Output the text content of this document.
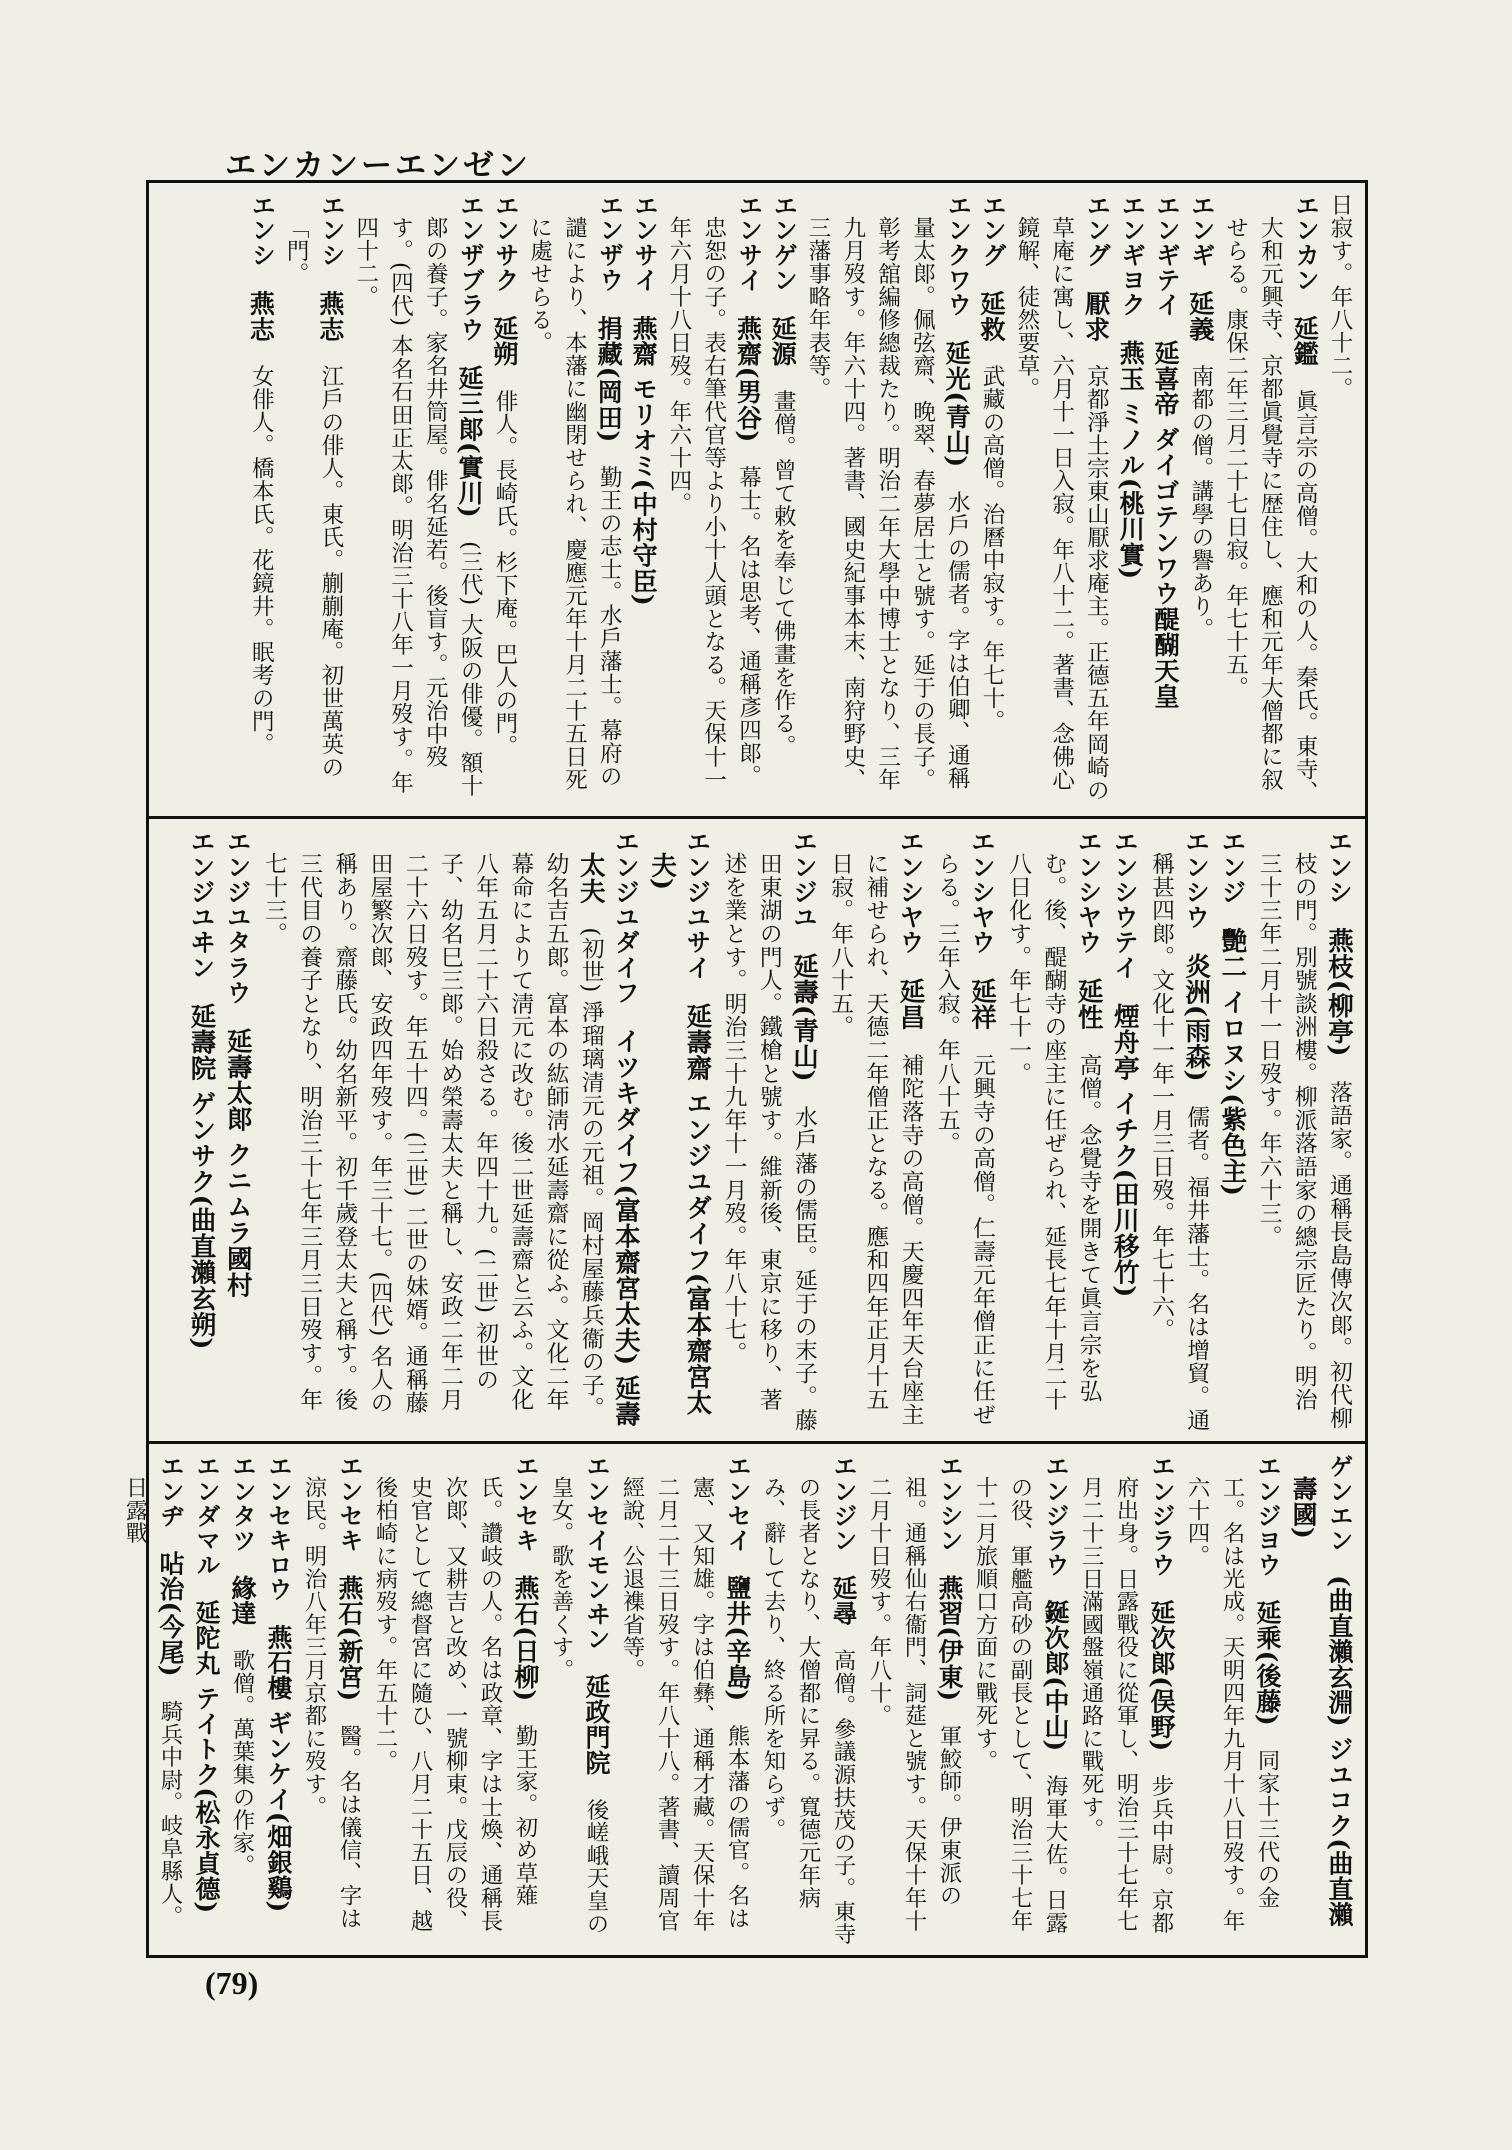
エンカンーエンゼン
日寂す。年八十二。
エンカン　延鑑　眞言宗の高僧。大和の人。秦氏。東寺、大和元興寺、京都眞覺寺に歴住し、應和元年大僧都に叙せらる。康保二年三月二十七日寂。年七十五。
エンギ　延義　南都の僧。講學の譽あり。
エンギテイ　延喜帝 ダイゴテンワウ醍醐天皇　
エンギヨク　燕玉 ミノル(桃川實)　
エング　厭求　京都淨土宗東山厭求庵主。正德五年岡崎の草庵に寓し、六月十一日入寂。年八十二。著書、念佛心鏡解、徒然要草。
エング　延救　武藏の高僧。治曆中寂す。年七十。
エンクワウ　延光(青山)　水戶の儒者。字は伯卿、通稱量太郞。佩弦齋、晚翠、春夢居士と號す。延于の長子。彰考舘編修總裁たり。明治二年大學中博士となり、三年九月歿す。年六十四。著書、國史紀事本末、南狩野史、三藩事略年表等。
エンゲン　延源　畫僧。曾て敕を奉じて佛畫を作る。
エンサイ　燕齋(男谷)　幕士。名は思考、通稱彥四郞。忠恕の子。表右筆代官等より小十人頭となる。天保十一年六月十八日歿。年六十四。
エンサイ　燕齋 モリオミ(中村守臣)　
エンザウ　捐藏(岡田)　勤王の志士。水戶藩士。幕府の譴により、本藩に幽閉せられ、慶應元年十月二十五日死に處せらる。
エンサク　延朔　俳人。長崎氏。杉下庵。巴人の門。
エンザブラウ　延三郞(實川)　(三代) 大阪の俳優。額十郞の養子。家名井筒屋。俳名延若。後盲す。元治中歿す。(四代) 本名石田正太郞。明治三十八年一月歿す。年四十二。
エンシ　燕志　江戶の俳人。東氏。蒯蒯庵。初世萬英の「門。
エンシ　燕志　女俳人。橋本氏。花鏡井。眠考の門。
エンシ　燕枝(柳亭)　落語家。通稱長島傳次郞。初代柳枝の門。別號談洲樓。柳派落語家の總宗匠たり。明治三十三年二月十一日歿す。年六十三。
エンジ　艷二 イロヌシ(紫色主)　
エンシウ　炎洲(雨森)　儒者。福井藩士。名は增貿。通稱甚四郞。文化十一年一月三日歿。年七十六。
エンシウテイ　煙舟亭 イチク(田川移竹)　
エンシヤウ　延性　高僧。念覺寺を開きて眞言宗を弘む。後、醍醐寺の座主に任ぜられ、延長七年十月二十八日化す。年七十一。
エンシヤウ　延祥　元興寺の高僧。仁壽元年僧正に任ぜらる。三年入寂。年八十五。
エンシヤウ　延昌　補陀落寺の高僧。天慶四年天台座主に補せられ、天德二年僧正となる。應和四年正月十五日寂。年八十五。
エンジユ　延壽(青山)　水戶藩の儒臣。延于の末子。藤田東湖の門人。鐵槍と號す。維新後、東京に移り、著述を業とす。明治三十九年十一月歿。年八十七。
エンジユサイ　延壽齋 エンジユダイフ(富本齋宮太夫)　
エンジユダイフ　イツキダイフ(富本齋宮太夫) 延壽太夫　(初世) 淨瑠璃清元の元祖。岡村屋藤兵衞の子。幼名吉五郞。富本の紘師淸水延壽齋に從ふ。文化二年幕命によりて淸元に改む。後二世延壽齋と云ふ。文化八年五月二十六日殺さる。年四十九。(二世) 初世の子、幼名巳三郞。始め榮壽太夫と稱し、安政二年二月二十六日歿す。年五十四。(三世) 二世の妹婿。通稱藤田屋繁次郞、安政四年歿す。年三十七。(四代) 名人の稱あり。齋藤氏。幼名新平。初千歲登太夫と稱す。後三代目の養子となり、明治三十七年三月三日歿す。年七十三。
エンジユタラウ　延壽太郞 クニムラ國村　
エンジユヰン　延壽院 ゲンサク(曲直瀨玄朔)　
ゲンエン　(曲直瀨玄淵) ジユコク(曲直瀨壽國)　
エンジヨウ　延乘(後藤)　同家十三代の金工。名は光成。天明四年九月十八日歿す。年六十四。
エンジラウ　延次郞(俣野)　步兵中尉。京都府出身。日露戰役に從軍し、明治三十七年七月二十三日滿國盤嶺通路に戰死す。
エンジラウ　鋋次郞(中山)　海軍大佐。日露の役、軍艦高砂の副長として、明治三十七年十二月旅順口方面に戰死す。
エンシン　燕習(伊東)　軍鮫師。伊東派の祖。通稱仙右衞門、詞莚と號す。天保十年十二月十日歿す。年八十。
エンジン　延尋　高僧。參議源扶茂の子。東寺の長者となり、大僧都に昇る。寬德元年病み、辭して去り、終る所を知らず。
エンセイ　鹽井(辛島)　熊本藩の儒官。名は憲、又知雄。字は伯彝、通稱才藏。天保十年二月二十三日歿す。年八十八。著書、讀周官經說、公退襍省等。
エンセイモンヰン　延政門院　後嵯峨天皇の皇女。歌を善くす。
エンセキ　燕石(日柳)　勤王家。初め草薙氏。讚岐の人。名は政章、字は士煥、通稱長次郞、又耕吉と改め、一號柳東。戊辰の役、史官として總督宮に隨ひ、八月二十五日、越後柏崎に病歿す。年五十二。
エンセキ　燕石(新宮)　醫。名は儀信、字は涼民。明治八年三月京都に歿す。
エンセキロウ　燕石樓 ギンケイ(畑銀鷄)　
エンタツ　緣達　歌僧。萬葉集の作家。
エンダマル　延陀丸 テイトク(松永貞德)　
エンヂ　呫治(今尾)　騎兵中尉。岐阜縣人。日露戰
(79)
